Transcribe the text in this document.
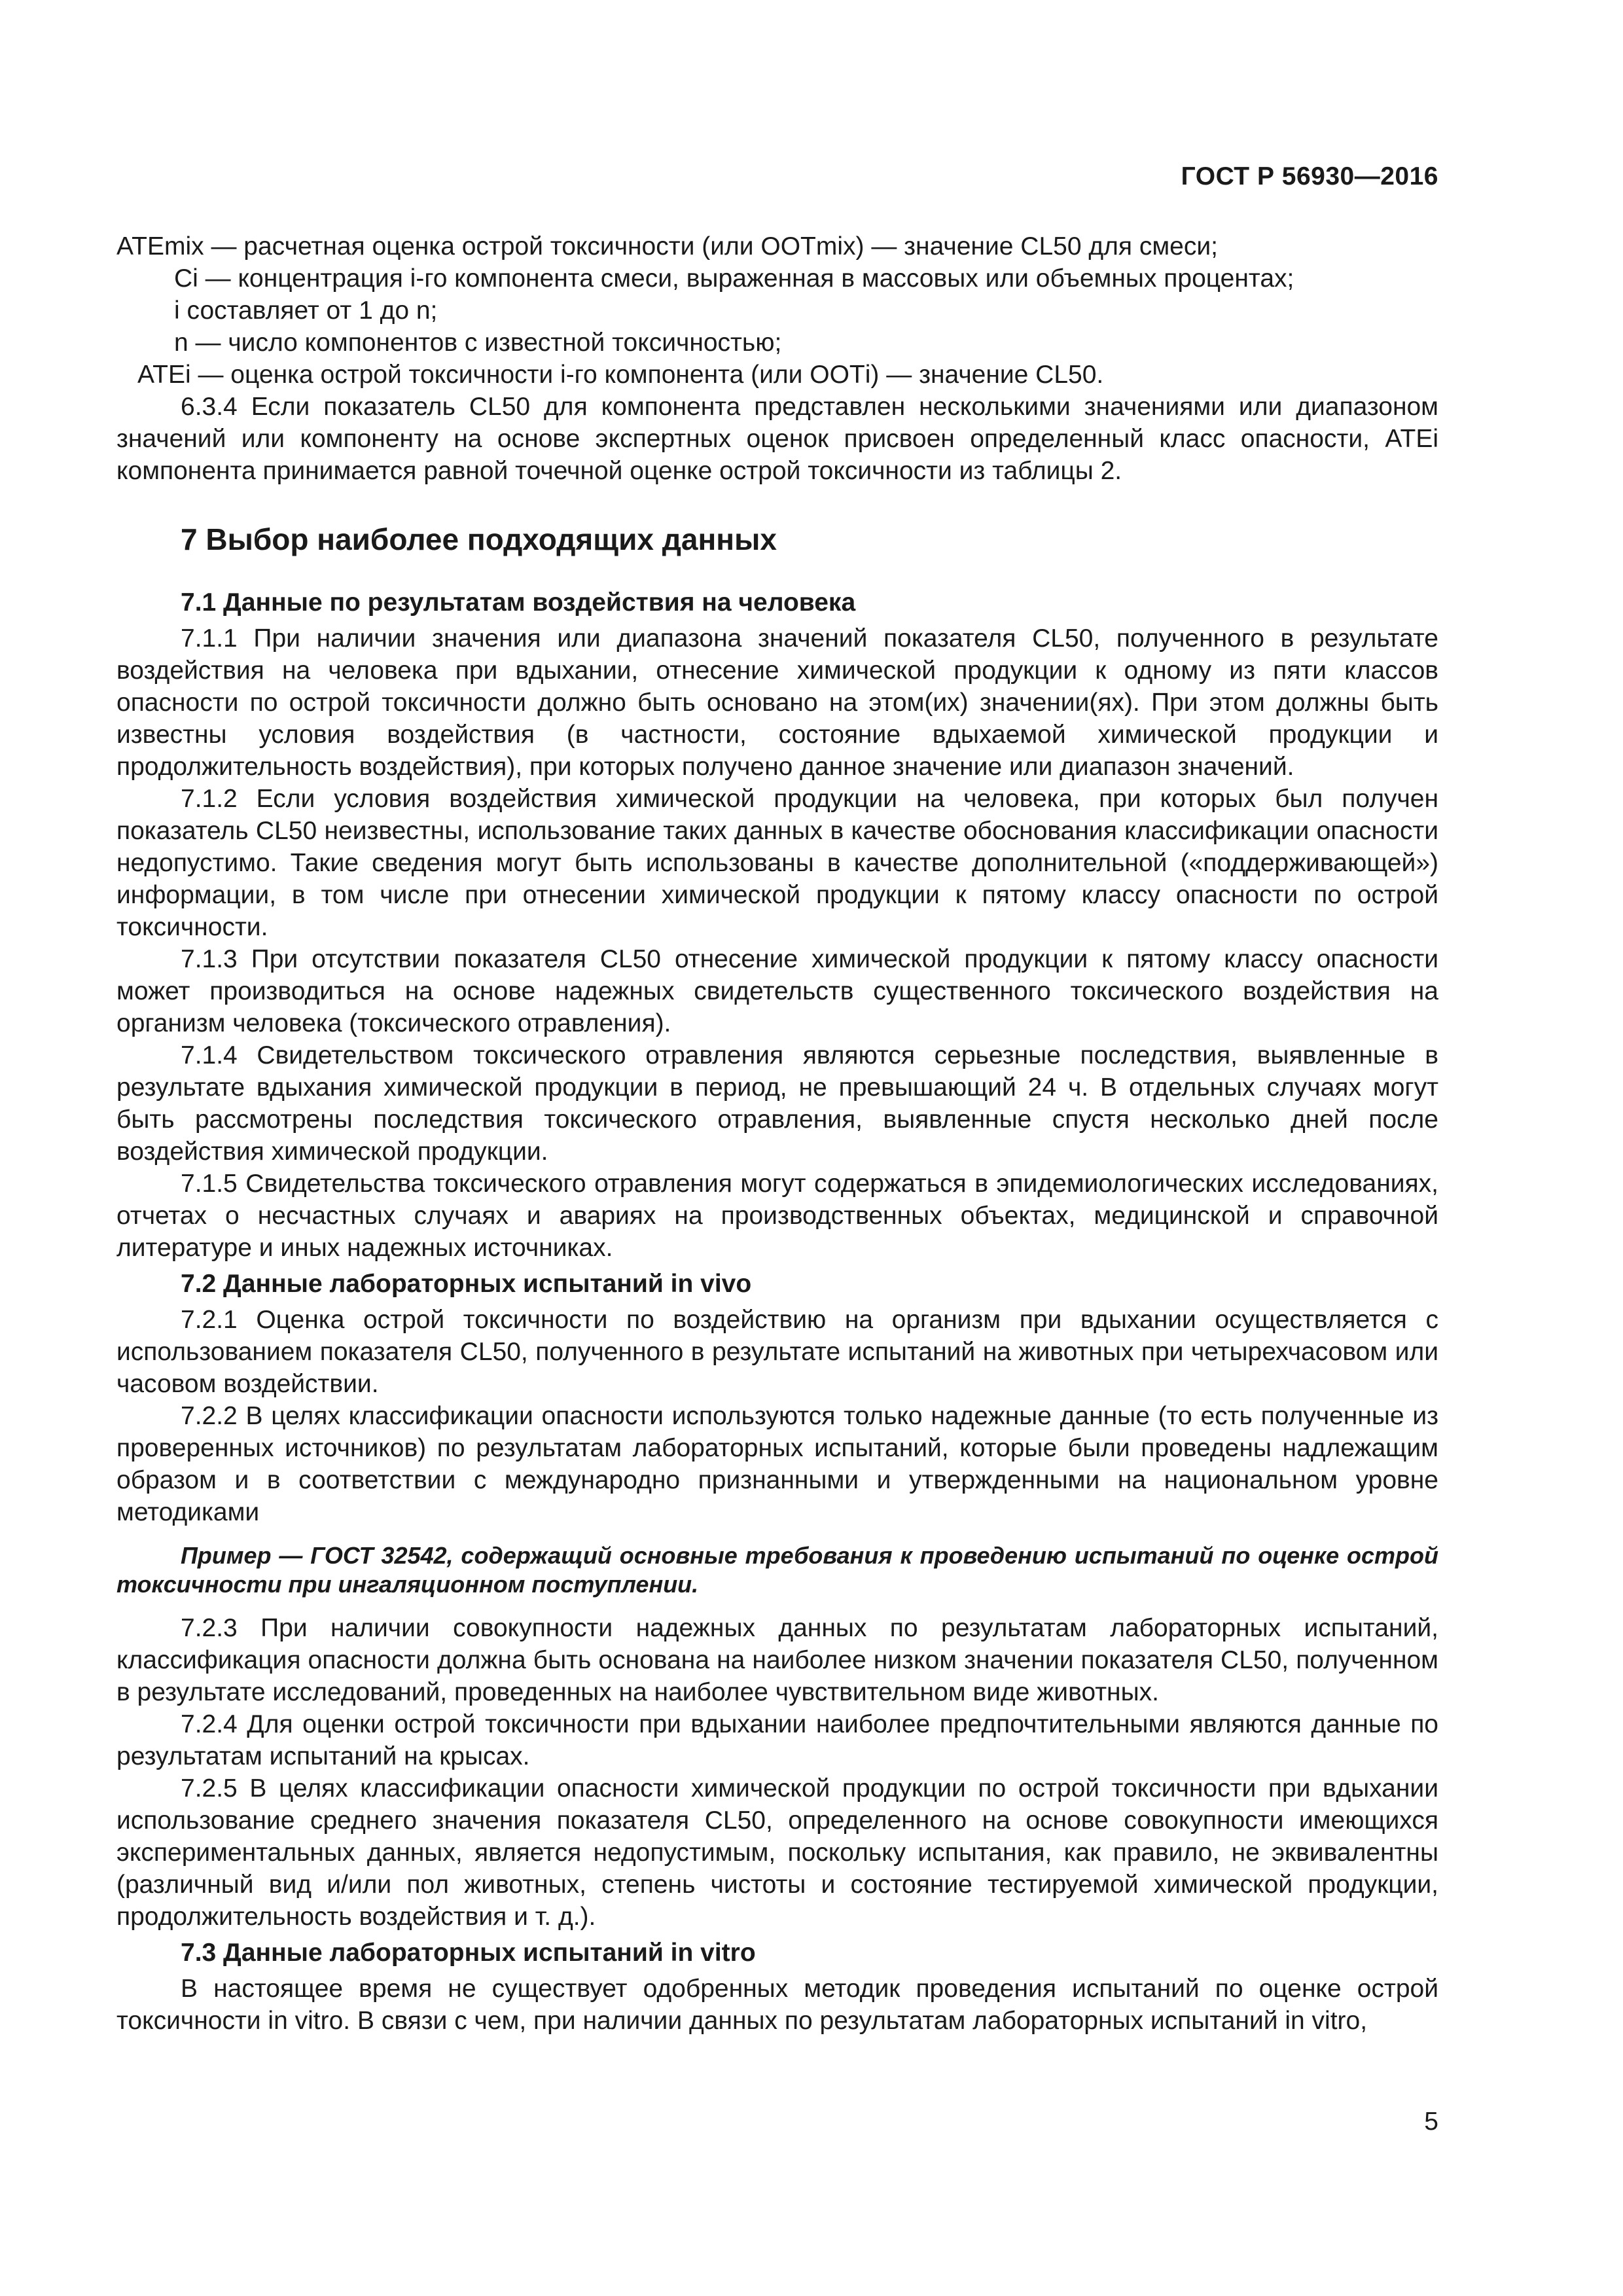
ГОСТ Р 56930—2016
ATEmix — расчетная оценка острой токсичности (или ООТmix) — значение CL50 для смеси;
Ci — концентрация i-го компонента смеси, выраженная в массовых или объемных процентах;
i составляет от 1 до n;
n — число компонентов с известной токсичностью;
ATEi — оценка острой токсичности i-го компонента (или ООТi) — значение CL50.

6.3.4 Если показатель CL50 для компонента представлен несколькими значениями или диапазоном значений или компоненту на основе экспертных оценок присвоен определенный класс опасности, ATEi компонента принимается равной точечной оценке острой токсичности из таблицы 2.

7 Выбор наиболее подходящих данных
7.1 Данные по результатам воздействия на человека

7.1.1 При наличии значения или диапазона значений показателя CL50, полученного в результате воздействия на человека при вдыхании, отнесение химической продукции к одному из пяти классов опасности по острой токсичности должно быть основано на этом(их) значении(ях). При этом должны быть известны условия воздействия (в частности, состояние вдыхаемой химической продукции и продолжительность воздействия), при которых получено данное значение или диапазон значений.

7.1.2 Если условия воздействия химической продукции на человека, при которых был получен показатель CL50 неизвестны, использование таких данных в качестве обоснования классификации опасности недопустимо. Такие сведения могут быть использованы в качестве дополнительной («поддерживающей») информации, в том числе при отнесении химической продукции к пятому классу опасности по острой токсичности.

7.1.3 При отсутствии показателя CL50 отнесение химической продукции к пятому классу опасности может производиться на основе надежных свидетельств существенного токсического воздействия на организм человека (токсического отравления).

7.1.4 Свидетельством токсического отравления являются серьезные последствия, выявленные в результате вдыхания химической продукции в период, не превышающий 24 ч. В отдельных случаях могут быть рассмотрены последствия токсического отравления, выявленные спустя несколько дней после воздействия химической продукции.

7.1.5 Свидетельства токсического отравления могут содержаться в эпидемиологических исследованиях, отчетах о несчастных случаях и авариях на производственных объектах, медицинской и справочной литературе и иных надежных источниках.

7.2 Данные лабораторных испытаний in vivo

7.2.1 Оценка острой токсичности по воздействию на организм при вдыхании осуществляется с использованием показателя CL50, полученного в результате испытаний на животных при четырехчасовом или часовом воздействии.

7.2.2 В целях классификации опасности используются только надежные данные (то есть полученные из проверенных источников) по результатам лабораторных испытаний, которые были проведены надлежащим образом и в соответствии с международно признанными и утвержденными на национальном уровне методиками

Пример — ГОСТ 32542, содержащий основные требования к проведению испытаний по оценке острой токсичности при ингаляционном поступлении.

7.2.3 При наличии совокупности надежных данных по результатам лабораторных испытаний, классификация опасности должна быть основана на наиболее низком значении показателя CL50, полученном в результате исследований, проведенных на наиболее чувствительном виде животных.

7.2.4 Для оценки острой токсичности при вдыхании наиболее предпочтительными являются данные по результатам испытаний на крысах.

7.2.5 В целях классификации опасности химической продукции по острой токсичности при вдыхании использование среднего значения показателя CL50, определенного на основе совокупности имеющихся экспериментальных данных, является недопустимым, поскольку испытания, как правило, не эквивалентны (различный вид и/или пол животных, степень чистоты и состояние тестируемой химической продукции, продолжительность воздействия и т. д.).

7.3 Данные лабораторных испытаний in vitro

В настоящее время не существует одобренных методик проведения испытаний по оценке острой токсичности in vitro. В связи с чем, при наличии данных по результатам лабораторных испытаний in vitro,

5
